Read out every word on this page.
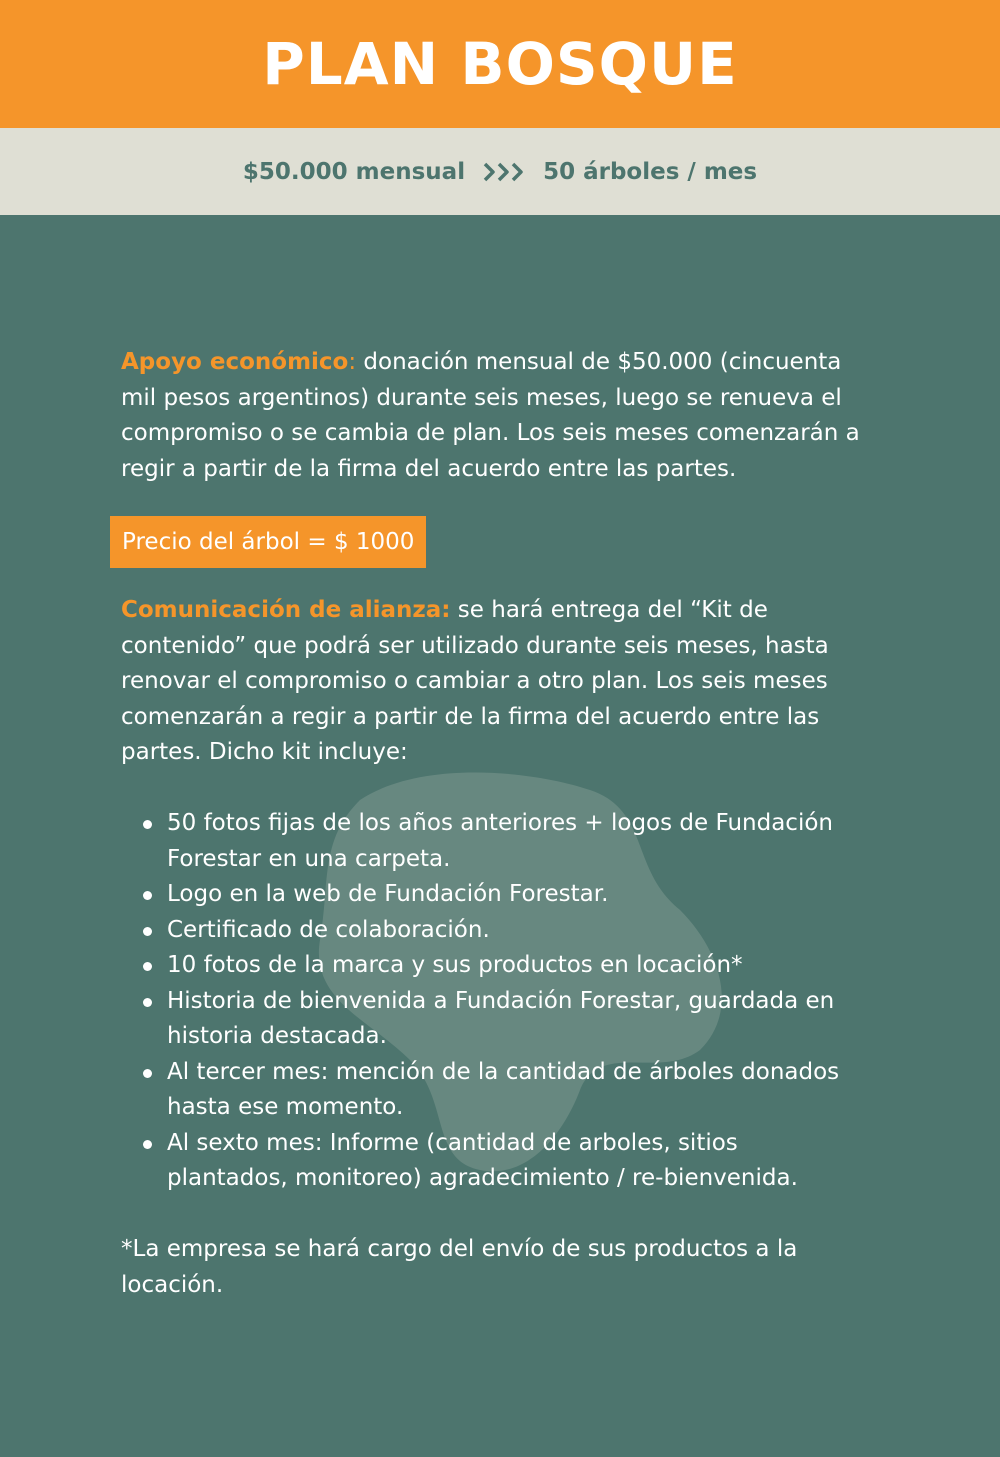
PLAN BOSQUE
$50.000 mensual	50 árboles / mes

Apoyo económico: donación mensual de $50.000 (cincuenta mil pesos argentinos) durante seis meses, luego se renueva el compromiso o se cambia de plan. Los seis meses comenzarán a regir a partir de la firma del acuerdo entre las partes.

Precio del árbol = $ 1000

Comunicación de alianza: se hará entrega del “Kit de contenido” que podrá ser utilizado durante seis meses, hasta renovar el compromiso o cambiar a otro plan. Los seis meses comenzarán a regir a partir de la firma del acuerdo entre las partes. Dicho kit incluye:

50 fotos fijas de los años anteriores + logos de Fundación Forestar en una carpeta.
Logo en la web de Fundación Forestar.
Certificado de colaboración.
10 fotos de la marca y sus productos en locación*
Historia de bienvenida a Fundación Forestar, guardada en historia destacada.
Al tercer mes: mención de la cantidad de árboles donados hasta ese momento.
Al sexto mes: Informe (cantidad de arboles, sitios plantados, monitoreo) agradecimiento / re-bienvenida.

*La empresa se hará cargo del envío de sus productos a la locación.
